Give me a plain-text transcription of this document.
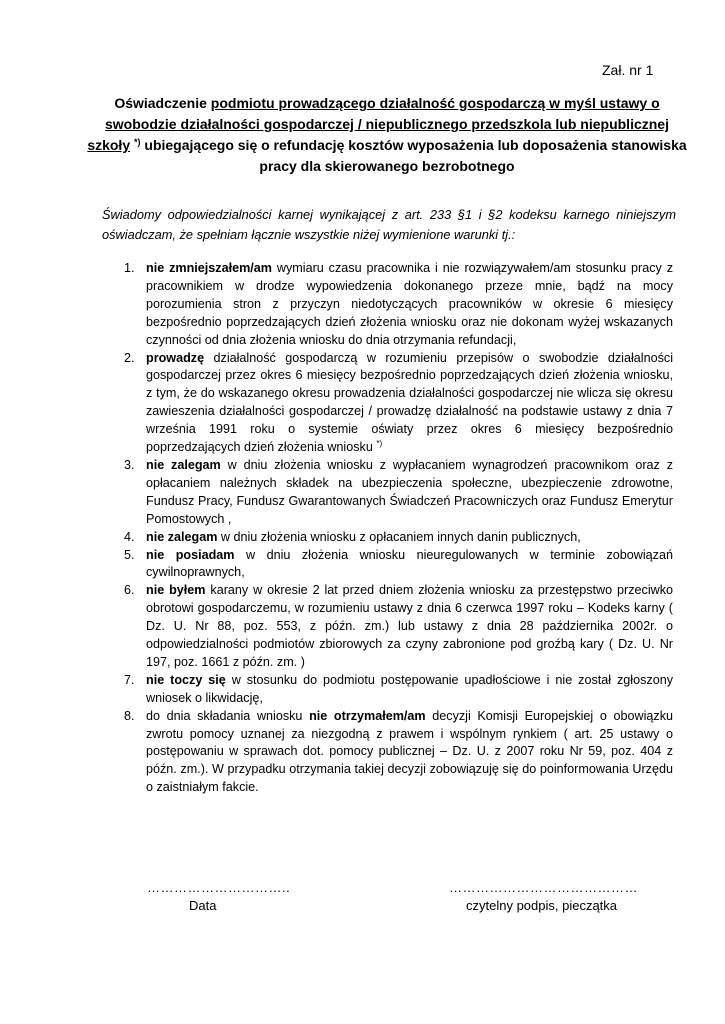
Zał. nr 1

Oświadczenie podmiotu prowadzącego działalność gospodarczą w myśl ustawy o swobodzie działalności gospodarczej / niepublicznego przedszkola lub niepublicznej szkoły *) ubiegającego się o refundację kosztów wyposażenia lub doposażenia stanowiska pracy dla skierowanego bezrobotnego

Świadomy odpowiedzialności karnej wynikającej z art. 233 §1 i §2 kodeksu karnego niniejszym oświadczam, że spełniam łącznie wszystkie niżej wymienione warunki tj.:

1. nie zmniejszałem/am wymiaru czasu pracownika i nie rozwiązywałem/am stosunku pracy z pracownikiem w drodze wypowiedzenia dokonanego przeze mnie, bądź na mocy porozumienia stron z przyczyn niedotyczących pracowników w okresie 6 miesięcy bezpośrednio poprzedzających dzień złożenia wniosku oraz nie dokonam wyżej wskazanych czynności od dnia złożenia wniosku do dnia otrzymania refundacji,
2. prowadzę działalność gospodarczą w rozumieniu przepisów o swobodzie działalności gospodarczej przez okres 6 miesięcy bezpośrednio poprzedzających dzień złożenia wniosku, z tym, że do wskazanego okresu prowadzenia działalności gospodarczej nie wlicza się okresu zawieszenia działalności gospodarczej / prowadzę działalność na podstawie ustawy z dnia 7 września 1991 roku o systemie oświaty przez okres 6 miesięcy bezpośrednio poprzedzających dzień złożenia wniosku *)
3. nie zalegam w dniu złożenia wniosku z wypłacaniem wynagrodzeń pracownikom oraz z opłacaniem należnych składek na ubezpieczenia społeczne, ubezpieczenie zdrowotne, Fundusz Pracy, Fundusz Gwarantowanych Świadczeń Pracowniczych oraz Fundusz Emerytur Pomostowych ,
4. nie zalegam w dniu złożenia wniosku z opłacaniem innych danin publicznych,
5. nie posiadam w dniu złożenia wniosku nieuregulowanych w terminie zobowiązań cywilnoprawnych,
6. nie byłem karany w okresie 2 lat przed dniem złożenia wniosku za przestępstwo przeciwko obrotowi gospodarczemu, w rozumieniu ustawy z dnia 6 czerwca 1997 roku – Kodeks karny ( Dz. U. Nr 88, poz. 553, z późn. zm.) lub ustawy z dnia 28 października 2002r. o odpowiedzialności podmiotów zbiorowych za czyny zabronione pod groźbą kary ( Dz. U. Nr 197, poz. 1661 z późn. zm. )
7. nie toczy się w stosunku do podmiotu postępowanie upadłościowe i nie został zgłoszony wniosek o likwidację,
8. do dnia składania wniosku nie otrzymałem/am decyzji Komisji Europejskiej o obowiązku zwrotu pomocy uznanej za niezgodną z prawem i wspólnym rynkiem ( art. 25 ustawy o postępowaniu w sprawach dot. pomocy publicznej – Dz. U. z 2007 roku Nr 59, poz. 404 z późn. zm.). W przypadku otrzymania takiej decyzji zobowiązuję się do poinformowania Urzędu o zaistniałym fakcie.

…………………………..	……………………………………

Data	czytelny podpis, pieczątka
